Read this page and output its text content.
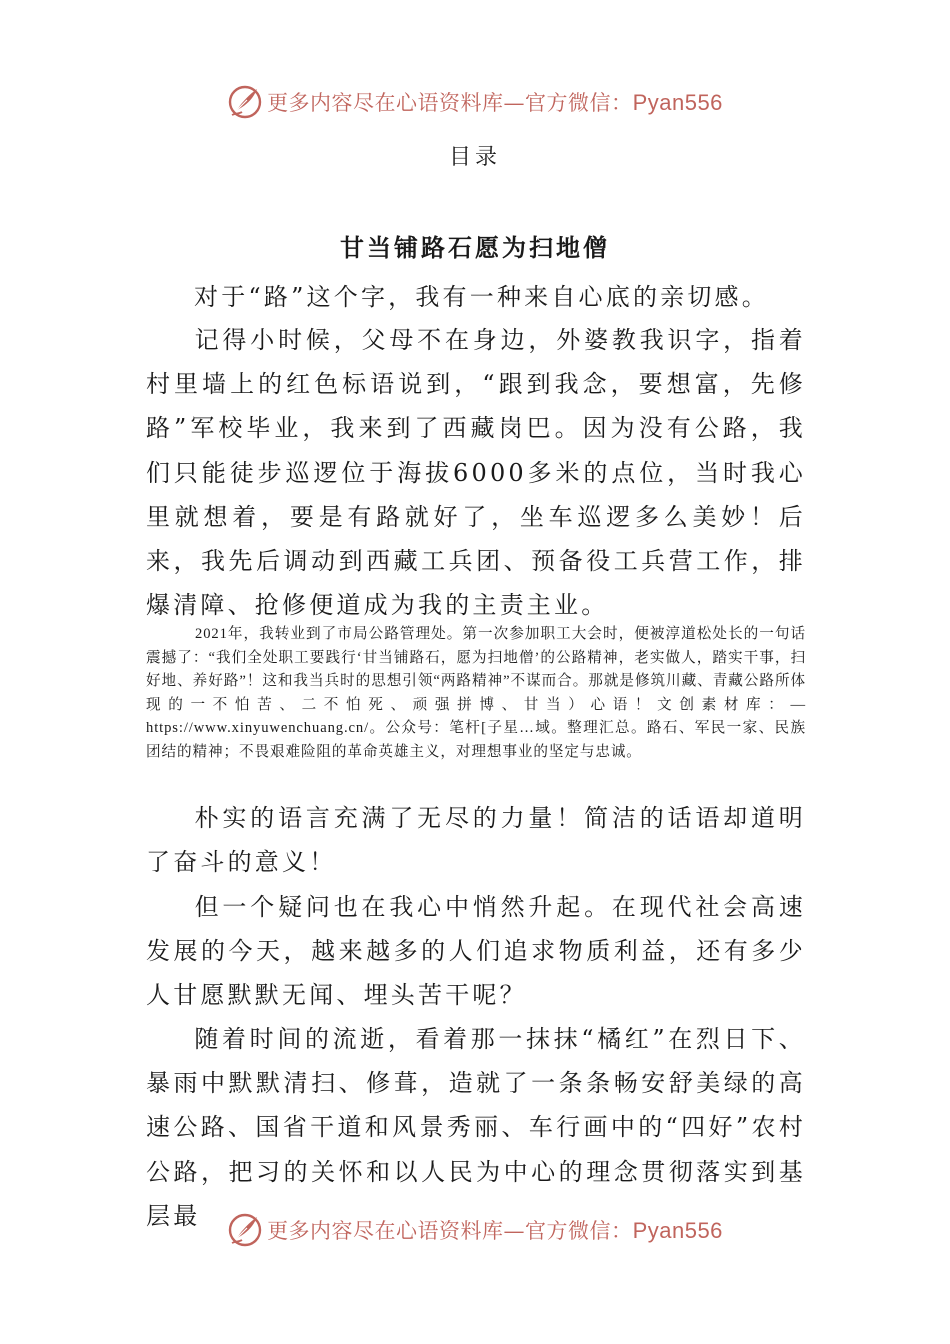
更多内容尽在心语资料库—官方微信：Pyan556
目录
甘当铺路石愿为扫地僧

对于“路”这个字，我有一种来自心底的亲切感。

记得小时候，父母不在身边，外婆教我识字，指着村里墙上的红色标语说到，“跟到我念，要想富，先修路”军校毕业，我来到了西藏岗巴。因为没有公路，我们只能徒步巡逻位于海拔6000多米的点位，当时我心里就想着，要是有路就好了，坐车巡逻多么美妙！后来，我先后调动到西藏工兵团、预备役工兵营工作，排爆清障、抢修便道成为我的主责主业。

2021年，我转业到了市局公路管理处。第一次参加职工大会时，便被淳道松处长的一句话震撼了：“我们全处职工要践行‘甘当铺路石，愿为扫地僧’的公路精神，老实做人，踏实干事，扫好地、养好路”！这和我当兵时的思想引领“两路精神”不谋而合。那就是修筑川藏、青藏公路所体现的一不怕苦、二不怕死、顽强拼博、甘当）心语！文创素材库：—https://www.xinyuwenchuang.cn/。公众号：笔杆[子星…域。整理汇总。路石、军民一家、民族团结的精神；不畏艰难险阻的革命英雄主义，对理想事业的坚定与忠诚。

朴实的语言充满了无尽的力量！简洁的话语却道明了奋斗的意义！

但一个疑问也在我心中悄然升起。在现代社会高速发展的今天，越来越多的人们追求物质利益，还有多少人甘愿默默无闻、埋头苦干呢？

随着时间的流逝，看着那一抹抹“橘红”在烈日下、暴雨中默默清扫、修葺，造就了一条条畅安舒美绿的高速公路、国省干道和风景秀丽、车行画中的“四好”农村公路，把习的关怀和以人民为中心的理念贯彻落实到基层最

更多内容尽在心语资料库—官方微信：Pyan556
